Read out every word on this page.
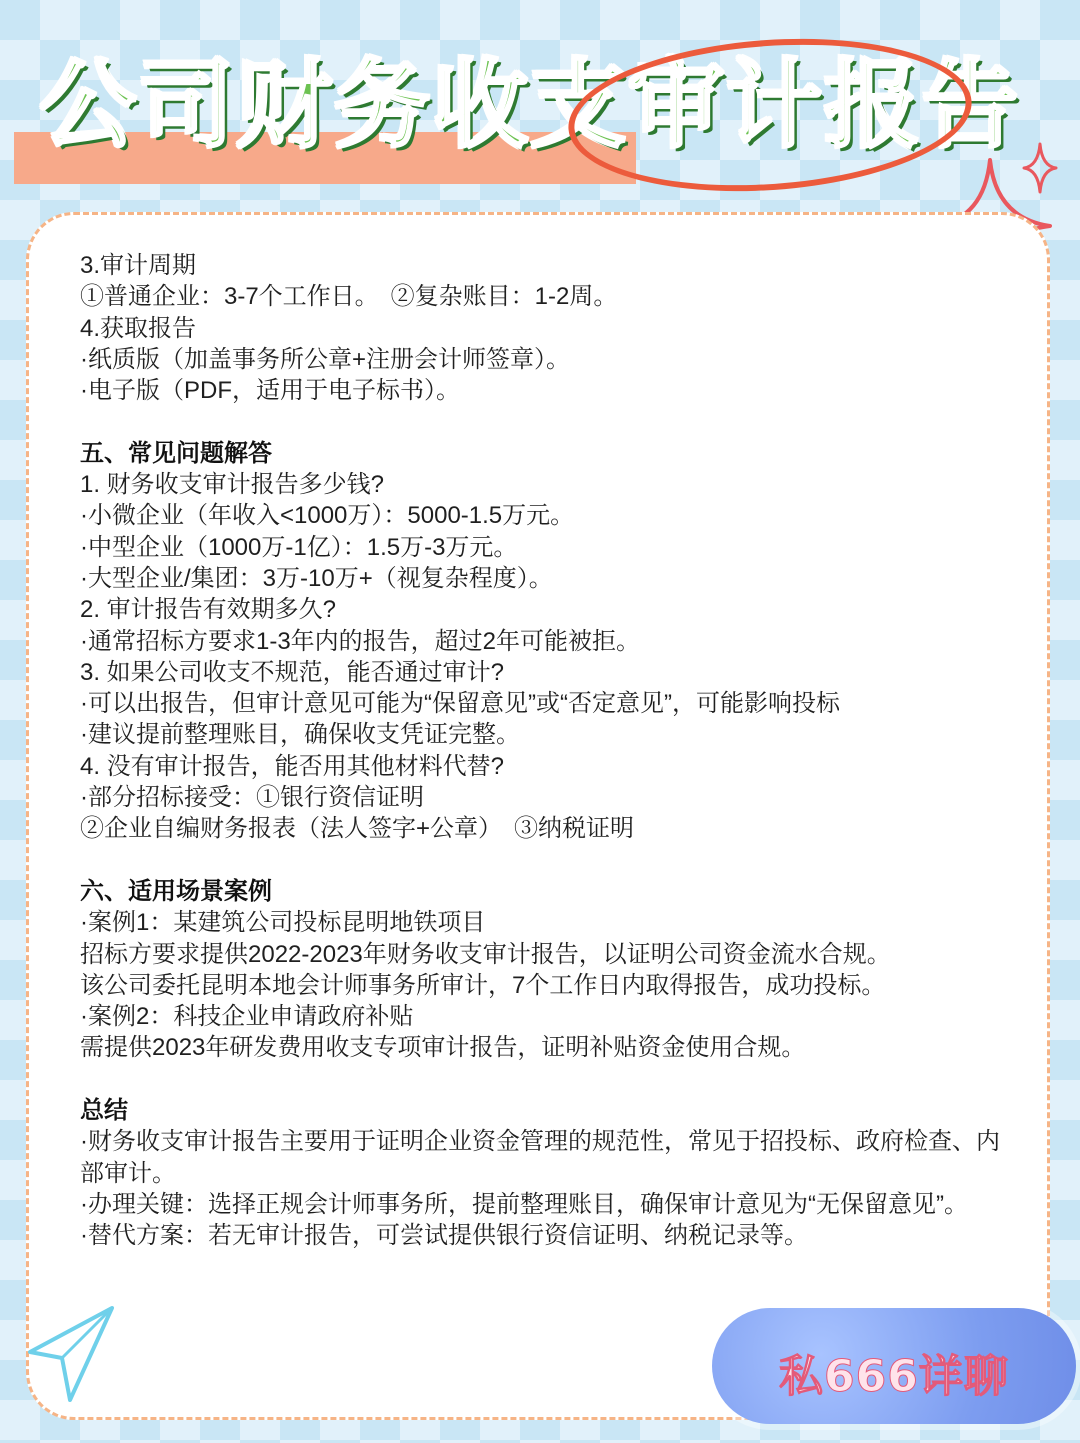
公司财务收支审计报告
3.审计周期
①普通企业：3-7个工作日。　②复杂账目：1-2周。
4.获取报告
·纸质版（加盖事务所公章+注册会计师签章）。
·电子版（PDF，适用于电子标书）。
五、常见问题解答
1. 财务收支审计报告多少钱?
·小微企业（年收入<1000万）：5000-1.5万元。
·中型企业（1000万-1亿）：1.5万-3万元。
·大型企业/集团：3万-10万+（视复杂程度）。
2. 审计报告有效期多久?
·通常招标方要求1-3年内的报告，超过2年可能被拒。
3. 如果公司收支不规范，能否通过审计?
·可以出报告，但审计意见可能为“保留意见”或“否定意见”，可能影响投标
·建议提前整理账目，确保收支凭证完整。
4. 没有审计报告，能否用其他材料代替?
·部分招标接受：①银行资信证明
②企业自编财务报表（法人签字+公章）　③纳税证明
六、适用场景案例
·案例1：某建筑公司投标昆明地铁项目
招标方要求提供2022-2023年财务收支审计报告，以证明公司资金流水合规。
该公司委托昆明本地会计师事务所审计，7个工作日内取得报告，成功投标。
·案例2：科技企业申请政府补贴
需提供2023年研发费用收支专项审计报告，证明补贴资金使用合规。
总结
·财务收支审计报告主要用于证明企业资金管理的规范性，常见于招投标、政府检查、内部审计。
·办理关键：选择正规会计师事务所，提前整理账目，确保审计意见为“无保留意见”。
·替代方案：若无审计报告，可尝试提供银行资信证明、纳税记录等。
私666详聊
